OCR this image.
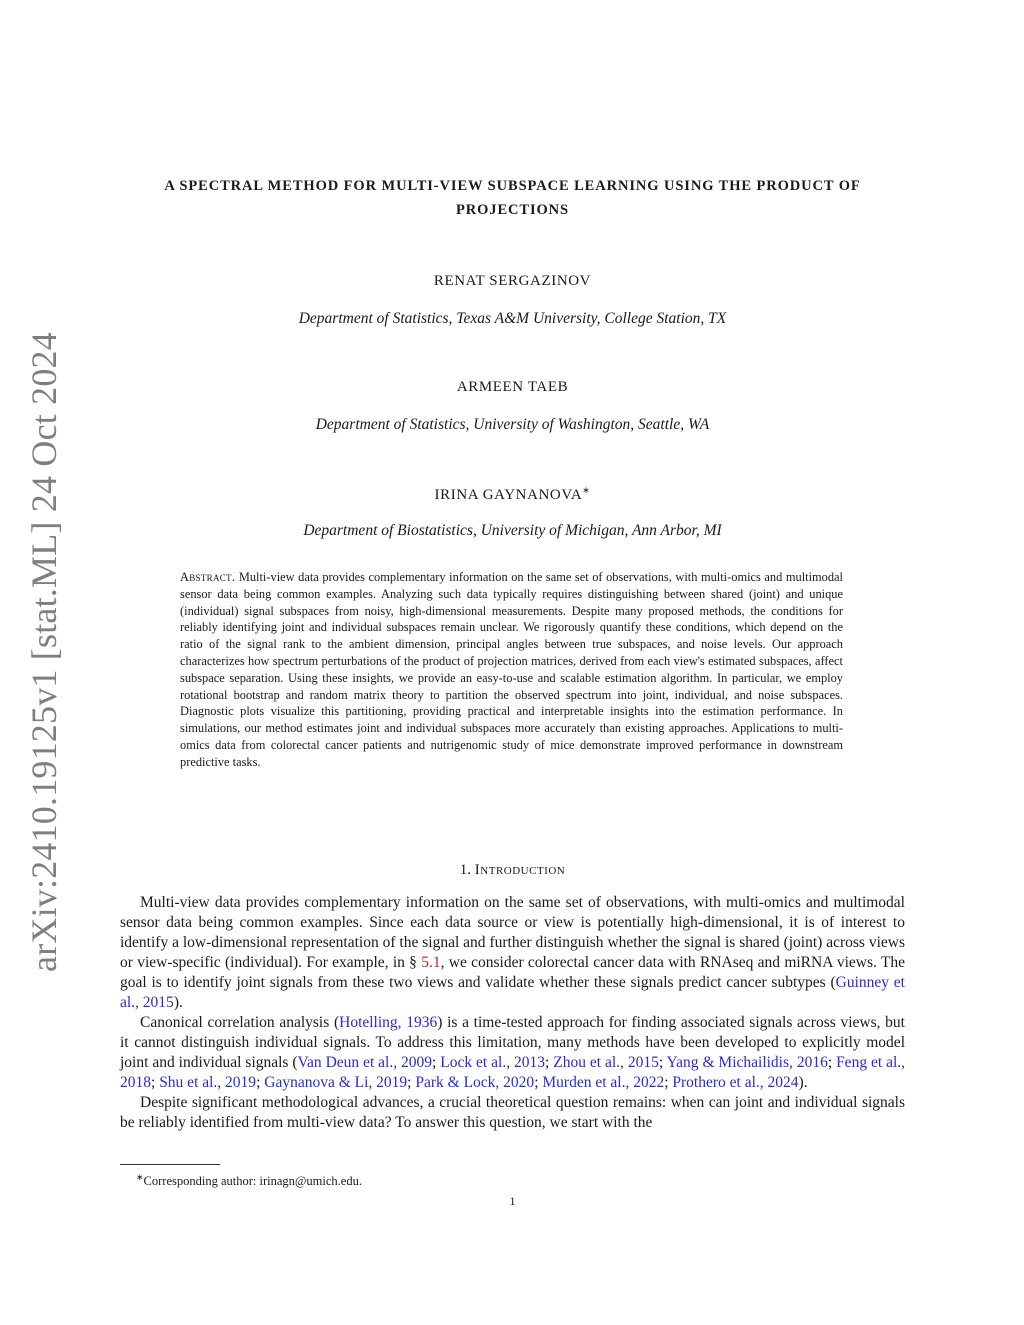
arXiv:2410.19125v1 [stat.ML] 24 Oct 2024
A SPECTRAL METHOD FOR MULTI-VIEW SUBSPACE LEARNING USING THE PRODUCT OF PROJECTIONS
RENAT SERGAZINOV
Department of Statistics, Texas A&M University, College Station, TX
ARMEEN TAEB
Department of Statistics, University of Washington, Seattle, WA
IRINA GAYNANOVA∗
Department of Biostatistics, University of Michigan, Ann Arbor, MI
Abstract. Multi-view data provides complementary information on the same set of observations, with multi-omics and multimodal sensor data being common examples. Analyzing such data typically requires distinguishing between shared (joint) and unique (individual) signal subspaces from noisy, high-dimensional measurements. Despite many proposed methods, the conditions for reliably identifying joint and individual subspaces remain unclear. We rigorously quantify these conditions, which depend on the ratio of the signal rank to the ambient dimension, principal angles between true subspaces, and noise levels. Our approach characterizes how spectrum perturbations of the product of projection matrices, derived from each view's estimated subspaces, affect subspace separation. Using these insights, we provide an easy-to-use and scalable estimation algorithm. In particular, we employ rotational bootstrap and random matrix theory to partition the observed spectrum into joint, individual, and noise subspaces. Diagnostic plots visualize this partitioning, providing practical and interpretable insights into the estimation performance. In simulations, our method estimates joint and individual subspaces more accurately than existing approaches. Applications to multi-omics data from colorectal cancer patients and nutrigenomic study of mice demonstrate improved performance in downstream predictive tasks.
1. Introduction

Multi-view data provides complementary information on the same set of observations, with multi-omics and multimodal sensor data being common examples. Since each data source or view is potentially high-dimensional, it is of interest to identify a low-dimensional representation of the signal and further distinguish whether the signal is shared (joint) across views or view-specific (individual). For example, in § 5.1, we consider colorectal cancer data with RNAseq and miRNA views. The goal is to identify joint signals from these two views and validate whether these signals predict cancer subtypes (Guinney et al., 2015).

Canonical correlation analysis (Hotelling, 1936) is a time-tested approach for finding associated signals across views, but it cannot distinguish individual signals. To address this limitation, many methods have been developed to explicitly model joint and individual signals (Van Deun et al., 2009; Lock et al., 2013; Zhou et al., 2015; Yang & Michailidis, 2016; Feng et al., 2018; Shu et al., 2019; Gaynanova & Li, 2019; Park & Lock, 2020; Murden et al., 2022; Prothero et al., 2024).

Despite significant methodological advances, a crucial theoretical question remains: when can joint and individual signals be reliably identified from multi-view data? To answer this question, we start with the

∗Corresponding author: irinagn@umich.edu.
1
